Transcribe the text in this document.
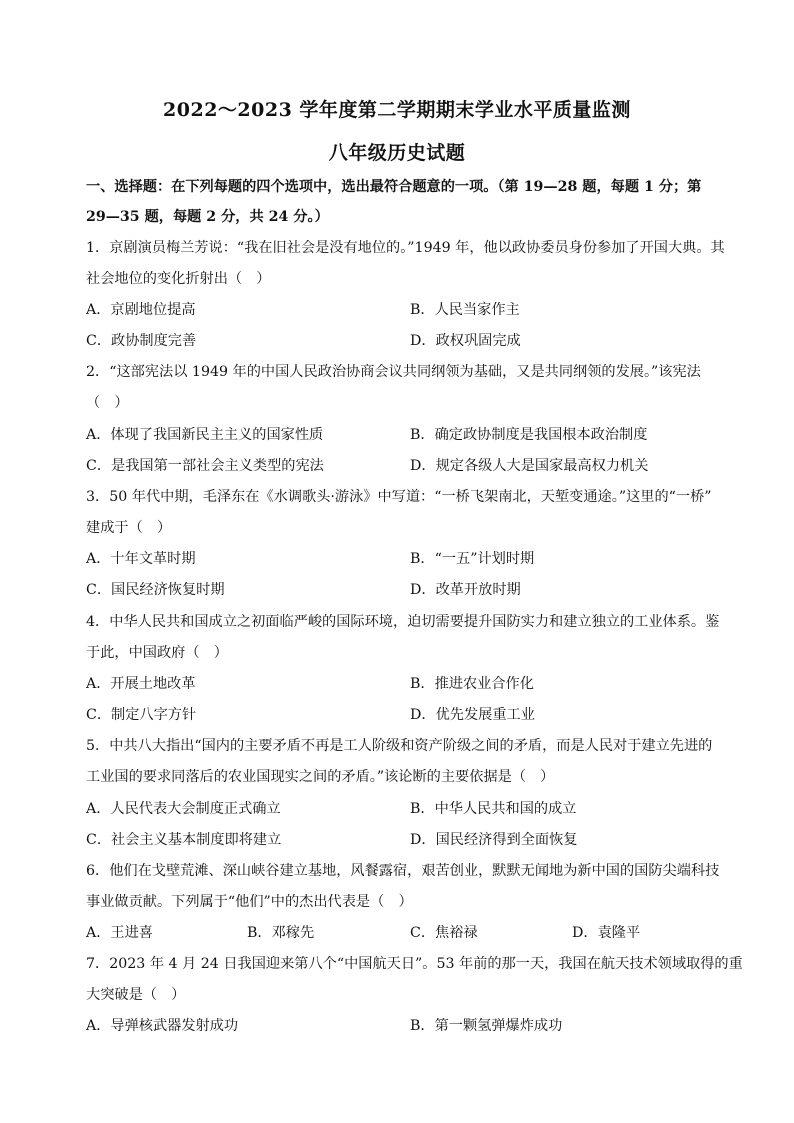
2022～2023 学年度第二学期期末学业水平质量监测
八年级历史试题
一、选择题：在下列每题的四个选项中，选出最符合题意的一项。（第 19—28 题，每题 1 分；第
29—35 题，每题 2 分，共 24 分。）
1．京剧演员梅兰芳说：“我在旧社会是没有地位的。”1949 年，他以政协委员身份参加了开国大典。其
社会地位的变化折射出（　）
A．京剧地位提高	B．人民当家作主
C．政协制度完善	D．政权巩固完成
2．“这部宪法以 1949 年的中国人民政治协商会议共同纲领为基础，又是共同纲领的发展。”该宪法
（　）
A．体现了我国新民主主义的国家性质	B．确定政协制度是我国根本政治制度
C．是我国第一部社会主义类型的宪法	D．规定各级人大是国家最高权力机关
3．50 年代中期，毛泽东在《水调歌头·游泳》中写道：“一桥飞架南北，天堑变通途。”这里的“一桥”
建成于（　）
A．十年文革时期	B．“一五”计划时期
C．国民经济恢复时期	D．改革开放时期
4．中华人民共和国成立之初面临严峻的国际环境，迫切需要提升国防实力和建立独立的工业体系。鉴
于此，中国政府（　）
A．开展土地改革	B．推进农业合作化
C．制定八字方针	D．优先发展重工业
5．中共八大指出“国内的主要矛盾不再是工人阶级和资产阶级之间的矛盾，而是人民对于建立先进的
工业国的要求同落后的农业国现实之间的矛盾。”该论断的主要依据是（　）
A．人民代表大会制度正式确立	B．中华人民共和国的成立
C．社会主义基本制度即将建立	D．国民经济得到全面恢复
6．他们在戈壁荒滩、深山峡谷建立基地，风餐露宿，艰苦创业，默默无闻地为新中国的国防尖端科技
事业做贡献。下列属于“他们”中的杰出代表是（　）
A．王进喜	B．邓稼先	C．焦裕禄	D．袁隆平
7．2023 年 4 月 24 日我国迎来第八个“中国航天日”。53 年前的那一天，我国在航天技术领域取得的重
大突破是（　）
A．导弹核武器发射成功	B．第一颗氢弹爆炸成功
